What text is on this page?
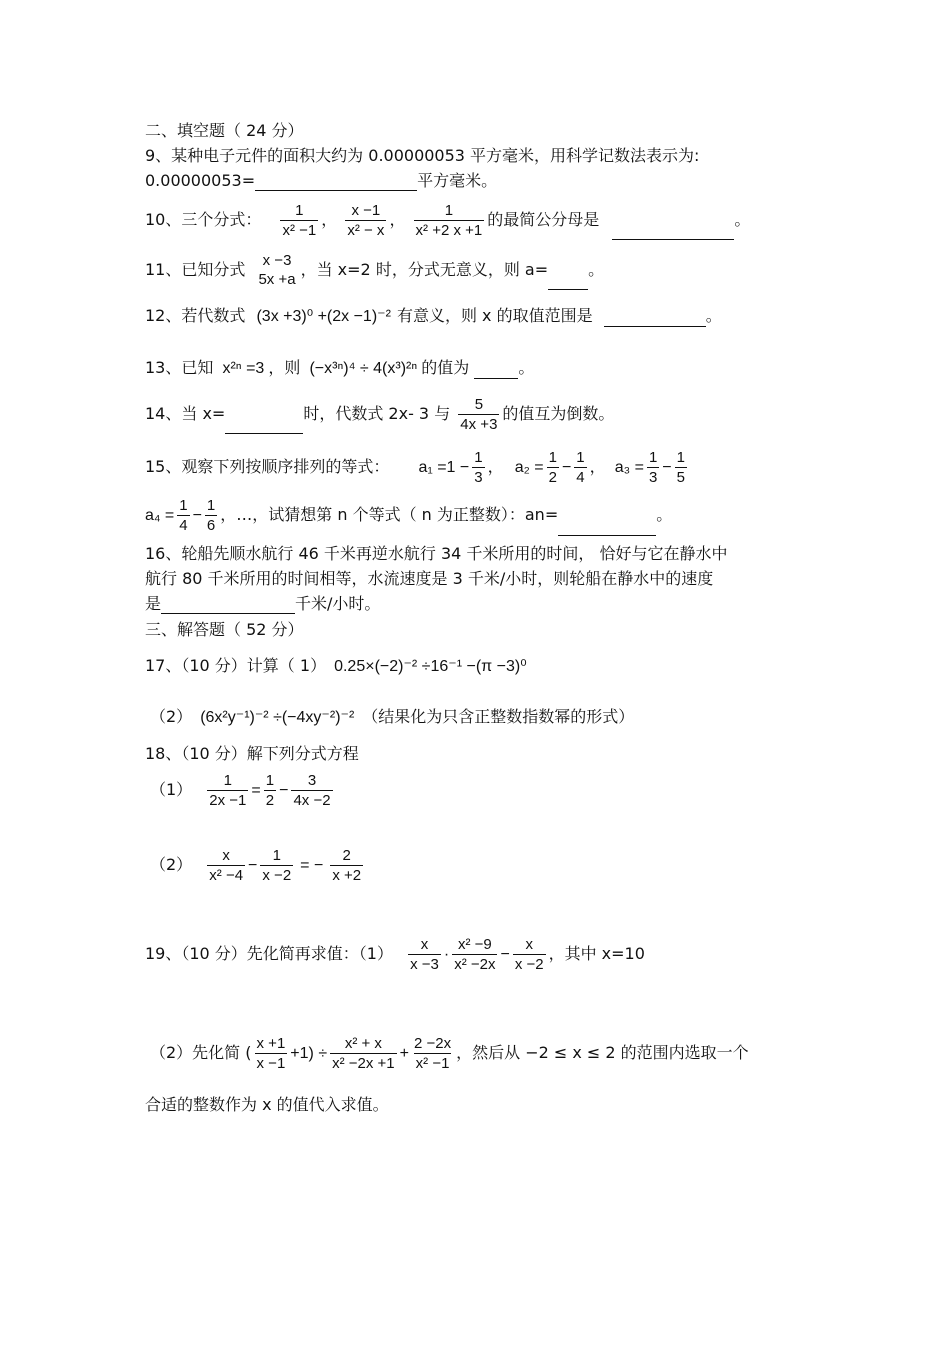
二、填空题（ 24 分）
9、某种电子元件的面积大约为 0.00000053 平方毫米，用科学记数法表示为:
0.00000053=	平方毫米。
10、三个分式： $\frac{1}{\text{x² −1}}$ ， $\frac{x -1}{\text{x² − x}}$ ， $\frac{1}{\text{x² +2 x +1}}$ 的最简公分母是	。
11、已知分式 x −3
5x +a
，当 x=2 时，分式无意义，则 a=	。
12、若代数式 (3x +3)⁰ +(2x −1)⁻² 有意义，则 x 的取值范围是	。
13、已知 x²ⁿ =3 ，则 (−x³ⁿ)⁴ ÷ 4(x³)²ⁿ 的值为	。
14、当 x=	时，代数式 2x- 3 与 $\frac{5}{4x +3}$ 的值互为倒数。
15、观察下列按顺序排列的等式： $a_1 =1 - \frac{1}{3}$ ， $a_2 = \frac{1}{2} - \frac{1}{4}$ ， $a_3 = \frac{1}{3} - \frac{1}{5}$
$a_4 = \frac{1}{4} - \frac{1}{6}$ ，…，试猜想第 n 个等式（ n 为正整数）：an=	。
16、轮船先顺水航行 46 千米再逆水航行 34 千米所用的时间， 恰好与它在静水中
航行 80 千米所用的时间相等，水流速度是 3 千米/小时，则轮船在静水中的速度
是	千米/小时。
三、解答题（ 52 分）
17、（10 分）计算（ 1） 0.25×(−2)⁻² ÷16⁻¹ −(π −3)⁰
（2） (6x²y⁻¹)⁻² ÷(−4xy⁻²)⁻² （结果化为只含正整数指数幂的形式）
18、（10 分）解下列分式方程
$(1) \frac{1}{2x -1} = \frac{1}{2} - \frac{3}{4x -2}$
$(2) \frac{x}{\text{x² −4}} - \frac{1}{x -2}$ = − $\frac{2}{x +2}$
19、（10 分）先化简再求值：$(1) \frac{x}{x -3} \cdot \frac{\text{x² −9}}{\text{x² −2x}} - \frac{x}{x -2}$ ，其中 x=10
（2）先化简 ( $\frac{x +1}{x -1} +1) \div \frac{\text{x² + x}}{\text{x² −2x +1}} + \frac{2 -2x}{\text{x² −1}}$ ，然后从 −2 ≤ x ≤ 2 的范围内选取一个
合适的整数作为 x 的值代入求值。
